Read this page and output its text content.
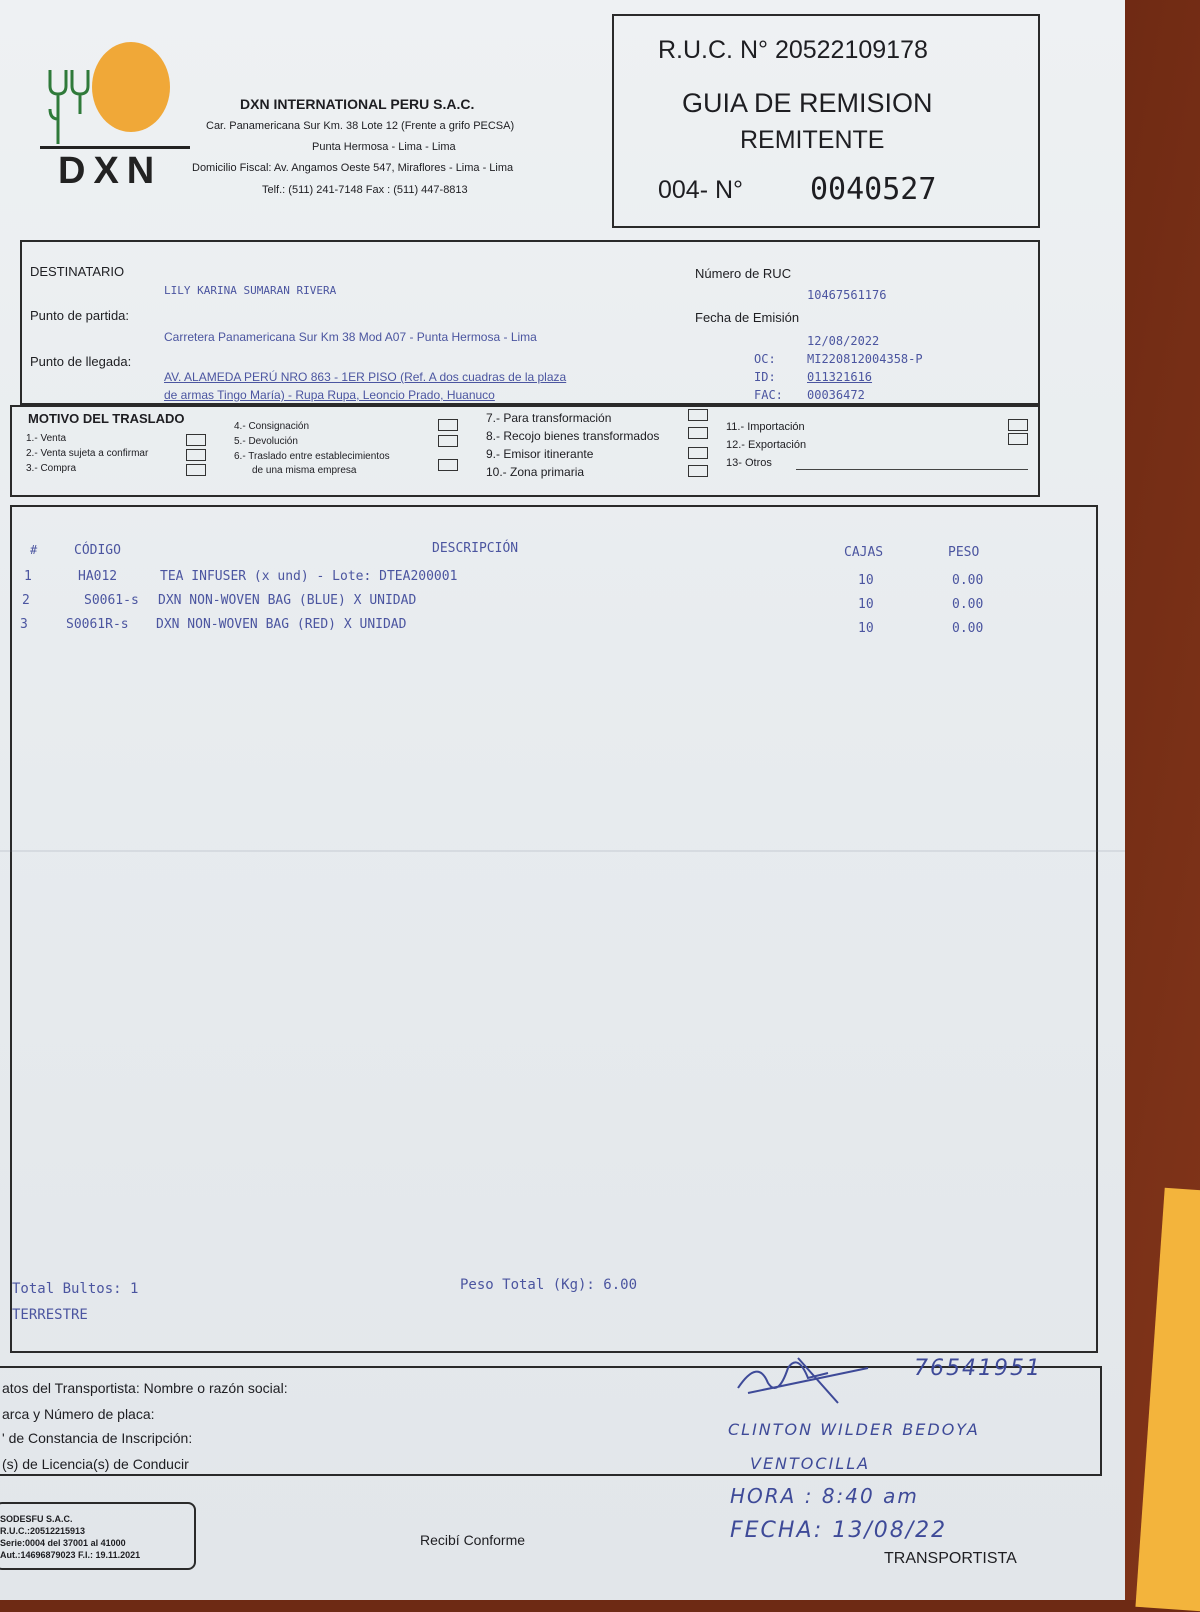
DXN
DXN INTERNATIONAL PERU S.A.C.
Car. Panamericana Sur Km. 38 Lote 12 (Frente a grifo PECSA)
Punta Hermosa - Lima - Lima
Domicilio Fiscal: Av. Angamos Oeste 547, Miraflores - Lima - Lima
Telf.: (511) 241-7148 Fax : (511) 447-8813
R.U.C. N° 20522109178
GUIA DE REMISION
REMITENTE
004- N° 0040527
DESTINATARIO
LILY KARINA SUMARAN RIVERA
Punto de partida:
Carretera Panamericana Sur Km 38 Mod A07 - Punta Hermosa - Lima
Punto de llegada:
AV. ALAMEDA PERÚ NRO 863 - 1ER PISO (Ref. A dos cuadras de la plaza
de armas Tingo María) - Rupa Rupa, Leoncio Prado, Huanuco
Número de RUC
10467561176
Fecha de Emisión
12/08/2022
OC:	MI220812004358-P
ID:	011321616
FAC: 00036472
MOTIVO DEL TRASLADO
1.- Venta
2.- Venta sujeta a confirmar
3.- Compra
4.- Consignación
5.- Devolución
6.- Traslado entre establecimientos
de una misma empresa
7.- Para transformación
8.- Recojo bienes transformados
9.- Emisor itinerante
10.- Zona primaria
11.- Importación
12.- Exportación
13- Otros
#	CÓDIGO	DESCRIPCIÓN	CAJAS	PESO
1	HA012	TEA INFUSER (x und) - Lote: DTEA200001	10	0.00
2	S0061-s DXN NON-WOVEN BAG (BLUE) X UNIDAD	10	0.00
3	S0061R-s DXN NON-WOVEN BAG (RED) X UNIDAD	10	0.00
Total Bultos: 1
TERRESTRE
Peso Total (Kg): 6.00
atos del Transportista: Nombre o razón social:
arca y Número de placa:
' de Constancia de Inscripción:
(s) de Licencia(s) de Conducir
76541951
CLINTON WILDER BEDOYA
VENTOCILLA
HORA : 8:40 am
FECHA: 13/08/22
SODESFU S.A.C.
R.U.C.:20512215913
Serie:0004 del 37001 al 41000
Aut.:14696879023 F.I.: 19.11.2021
Recibí Conforme
TRANSPORTISTA
